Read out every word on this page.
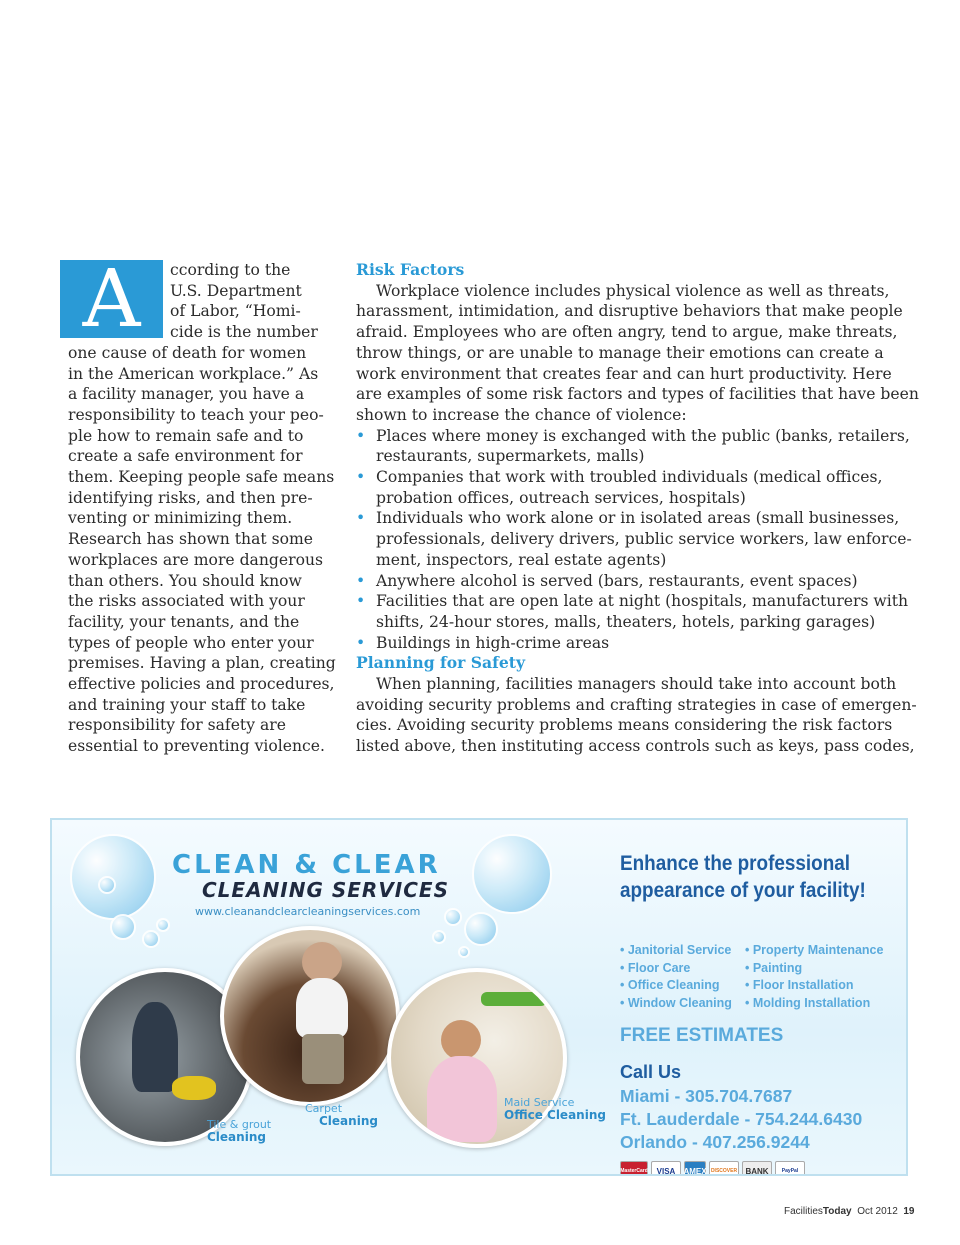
A	ccording to the
U.S. Department
of Labor, “Homi-
cide is the number
one cause of death for women
in the American workplace.” As
a facility manager, you have a
responsibility to teach your peo-
ple how to remain safe and to
create a safe environment for
them. Keeping people safe means
identifying risks, and then pre-
venting or minimizing them.
Research has shown that some
workplaces are more dangerous
than others. You should know
the risks associated with your
facility, your tenants, and the
types of people who enter your
premises. Having a plan, creating
effective policies and procedures,
and training your staff to take
responsibility for safety are
essential to preventing violence.
Risk Factors
Workplace violence includes physical violence as well as threats,
harassment, intimidation, and disruptive behaviors that make people
afraid. Employees who are often angry, tend to argue, make threats,
throw things, or are unable to manage their emotions can create a
work environment that creates fear and can hurt productivity. Here
are examples of some risk factors and types of facilities that have been
shown to increase the chance of violence:
• Places where money is exchanged with the public (banks, retailers,
restaurants, supermarkets, malls)
• Companies that work with troubled individuals (medical offices,
probation offices, outreach services, hospitals)
• Individuals who work alone or in isolated areas (small businesses,
professionals, delivery drivers, public service workers, law enforce-
ment, inspectors, real estate agents)
• Anywhere alcohol is served (bars, restaurants, event spaces)
• Facilities that are open late at night (hospitals, manufacturers with
shifts, 24-hour stores, malls, theaters, hotels, parking garages)
• Buildings in high-crime areas
Planning for Safety
When planning, facilities managers should take into account both
avoiding security problems and crafting strategies in case of emergen-
cies. Avoiding security problems means considering the risk factors
listed above, then instituting access controls such as keys, pass codes,
CLEAN & CLEAR
CLEANING SERVICES
www.cleanandclearcleaningservices.com
Tile & grout
Cleaning
Carpet
Cleaning
Maid Service
Office Cleaning
Enhance the professional
appearance of your facility!
• Janitorial Service
• Floor Care
• Office Cleaning
• Window Cleaning
• Property Maintenance
• Painting
• Floor Installation
• Molding Installation
FREE ESTIMATES
Call Us
Miami - 305.704.7687
Ft. Lauderdale - 754.244.6430
Orlando - 407.256.9244
MasterCard	VISA	AMEX DISCOVER	BANK	PayPal
FacilitiesToday Oct 2012 19
